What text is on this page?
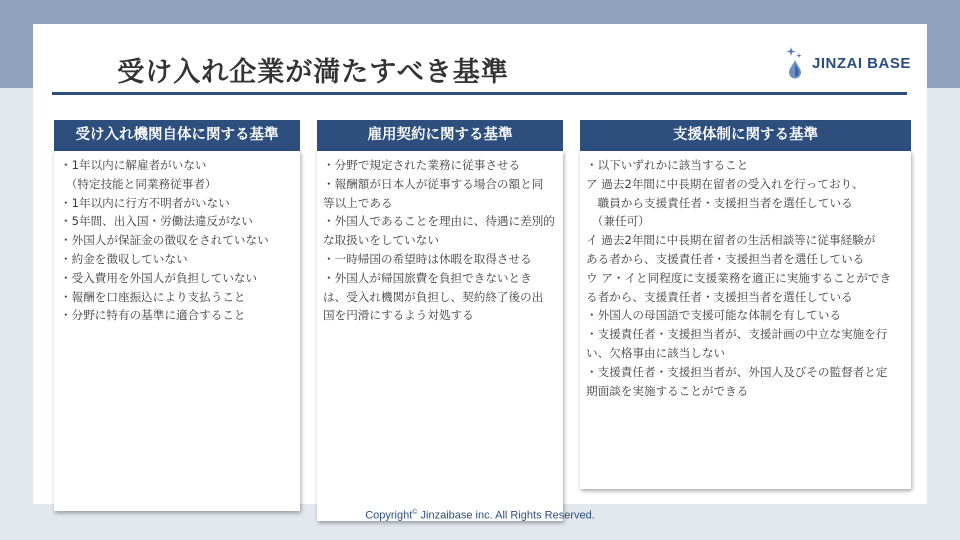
受け入れ企業が満たすべき基準	JINZAI BASE
受け入れ機関自体に関する基準
・1年以内に解雇者がいない
　（特定技能と同業務従事者）
・1年以内に行方不明者がいない
・5年間、出入国・労働法違反がない
・外国人が保証金の徴収をされていない
・約金を徴収していない
・受入費用を外国人が負担していない
・報酬を口座振込により支払うこと
・分野に特有の基準に適合すること
雇用契約に関する基準
・分野で規定された業務に従事させる
・報酬額が日本人が従事する場合の額と同
等以上である
・外国人であることを理由に、待遇に差別的
な取扱いをしていない
・一時帰国の希望時は休暇を取得させる
・外国人が帰国旅費を負担できないとき
は、受入れ機関が負担し、契約終了後の出
国を円滑にするよう対処する
支援体制に関する基準
・以下いずれかに該当すること
ア 過去2年間に中長期在留者の受入れを行っており、
　職員から支援責任者・支援担当者を選任している
　（兼任可）
イ 過去2年間に中長期在留者の生活相談等に従事経験が
ある者から、支援責任者・支援担当者を選任している
ウ ア・イと同程度に支援業務を適正に実施することができ
る者から、支援責任者・支援担当者を選任している
・外国人の母国語で支援可能な体制を有している
・支援責任者・支援担当者が、支援計画の中立な実施を行
い、欠格事由に該当しない
・支援責任者・支援担当者が、外国人及びその監督者と定
期面談を実施することができる
Copyright© Jinzaibase inc. All Rights Reserved.
